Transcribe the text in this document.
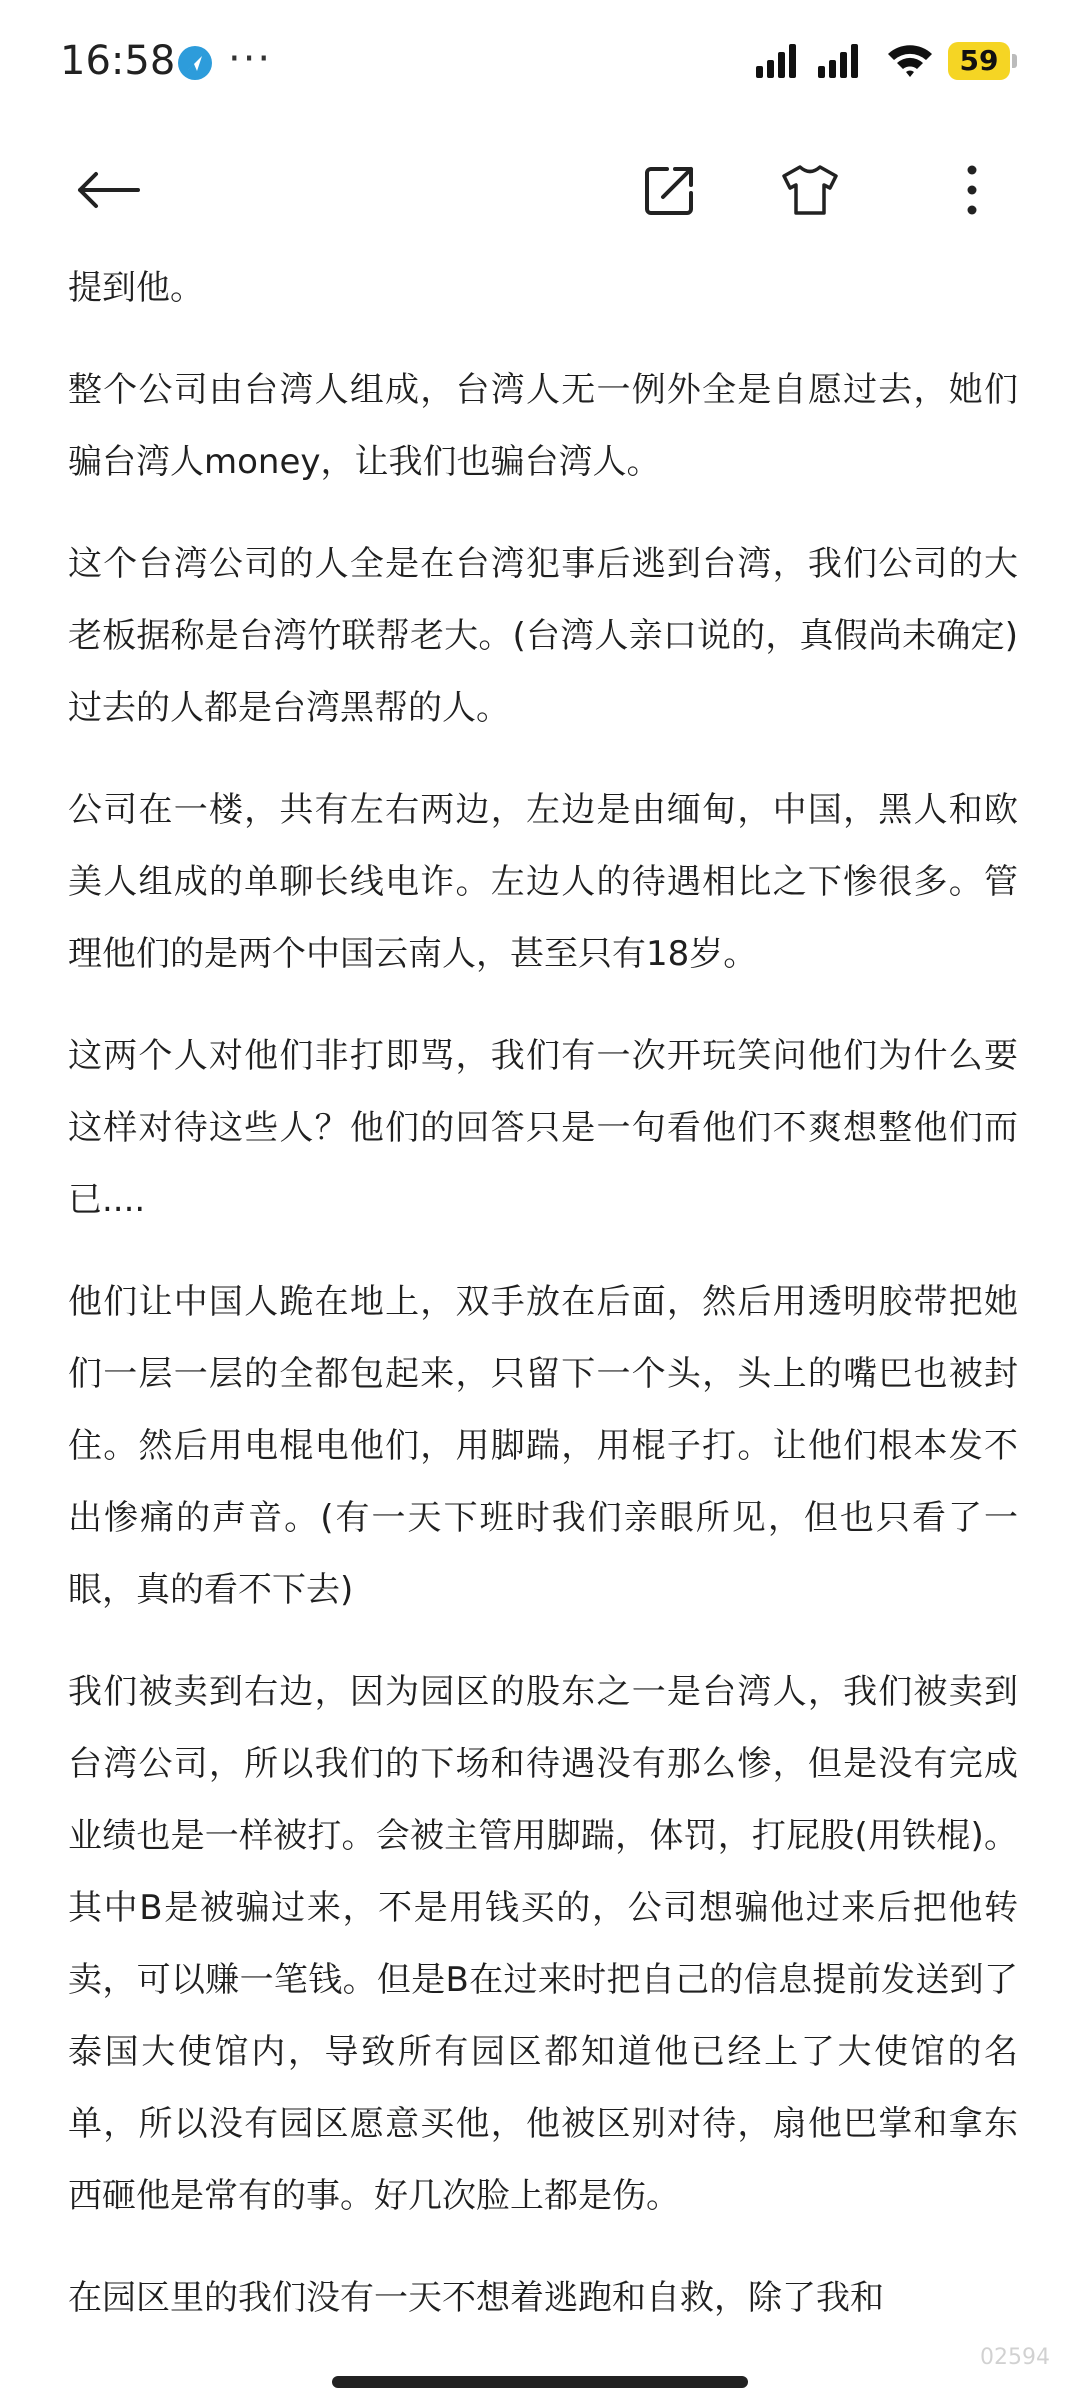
16:58 ···	59

提到他。

整个公司由台湾人组成，台湾人无一例外全是自愿过去，她们骗台湾人money，让我们也骗台湾人。

这个台湾公司的人全是在台湾犯事后逃到台湾，我们公司的大老板据称是台湾竹联帮老大。(台湾人亲口说的，真假尚未确定)过去的人都是台湾黑帮的人。

公司在一楼，共有左右两边，左边是由缅甸，中国，黑人和欧美人组成的单聊长线电诈。左边人的待遇相比之下惨很多。管理他们的是两个中国云南人，甚至只有18岁。

这两个人对他们非打即骂，我们有一次开玩笑问他们为什么要这样对待这些人？他们的回答只是一句看他们不爽想整他们而已....

他们让中国人跪在地上，双手放在后面，然后用透明胶带把她们一层一层的全都包起来，只留下一个头，头上的嘴巴也被封住。然后用电棍电他们，用脚踹，用棍子打。让他们根本发不出惨痛的声音。(有一天下班时我们亲眼所见，但也只看了一眼，真的看不下去)

我们被卖到右边，因为园区的股东之一是台湾人，我们被卖到台湾公司，所以我们的下场和待遇没有那么惨，但是没有完成业绩也是一样被打。会被主管用脚踹，体罚，打屁股(用铁棍)。其中B是被骗过来，不是用钱买的，公司想骗他过来后把他转卖，可以赚一笔钱。但是B在过来时把自己的信息提前发送到了泰国大使馆内，导致所有园区都知道他已经上了大使馆的名单，所以没有园区愿意买他，他被区别对待，扇他巴掌和拿东西砸他是常有的事。好几次脸上都是伤。

在园区里的我们没有一天不想着逃跑和自救，除了我和

02594
